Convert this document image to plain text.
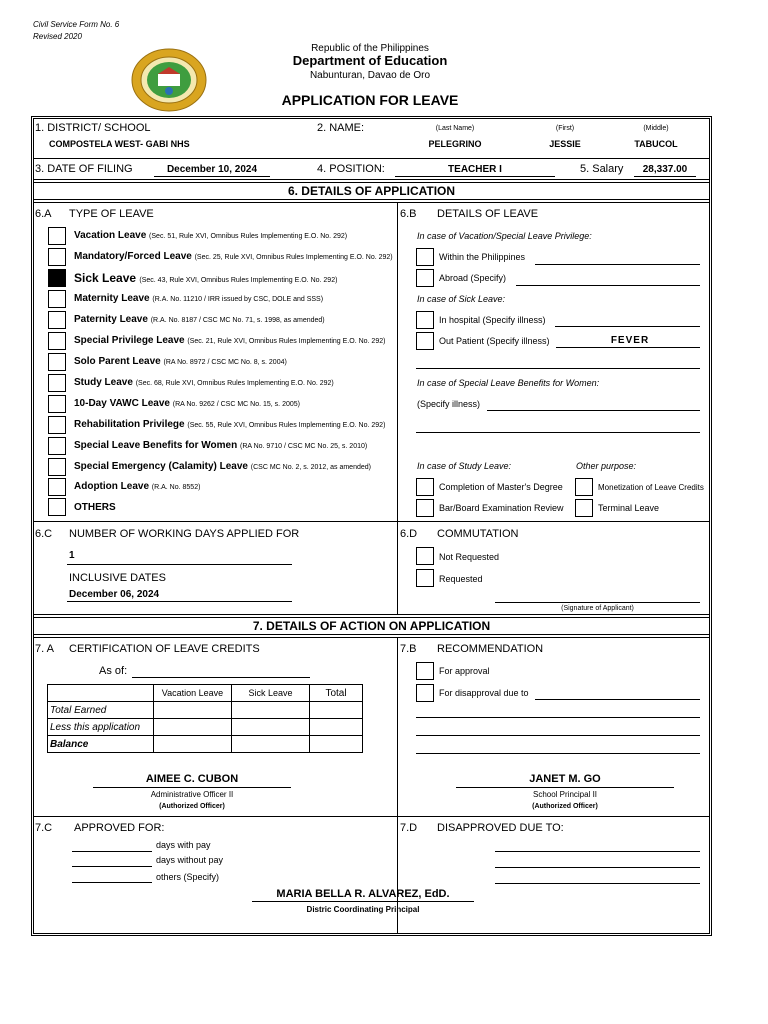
Civil Service Form No. 6
Revised 2020
Republic of the Philippines
Department of Education
Nabunturan, Davao de Oro
APPLICATION FOR LEAVE
1. DISTRICT/ SCHOOL
COMPOSTELA WEST- GABI NHS
2. NAME:	(Last Name)	(First)	(Middle)
PELEGRINO	JESSIE	TABUCOL
3. DATE OF FILING	December 10, 2024	4. POSITION:	TEACHER I	5. Salary	28,337.00
6. DETAILS OF APPLICATION
6.A TYPE OF LEAVE
Vacation Leave (Sec. 51, Rule XVI, Omnibus Rules Implementing E.O. No. 292)
Mandatory/Forced Leave (Sec. 25, Rule XVI, Omnibus Rules Implementing E.O. No. 292)
Sick Leave (Sec. 43, Rule XVI, Omnibus Rules Implementing E.O. No. 292)
Maternity Leave (R.A. No. 11210 / IRR issued by CSC, DOLE and SSS)
Paternity Leave (R.A. No. 8187 / CSC MC No. 71, s. 1998, as amended)
Special Privilege Leave (Sec. 21, Rule XVI, Omnibus Rules Implementing E.O. No. 292)
Solo Parent Leave (RA No. 8972 / CSC MC No. 8, s. 2004)
Study Leave (Sec. 68, Rule XVI, Omnibus Rules Implementing E.O. No. 292)
10-Day VAWC Leave (RA No. 9262 / CSC MC No. 15, s. 2005)
Rehabilitation Privilege (Sec. 55, Rule XVI, Omnibus Rules Implementing E.O. No. 292)
Special Leave Benefits for Women (RA No. 9710 / CSC MC No. 25, s. 2010)
Special Emergency (Calamity) Leave (CSC MC No. 2, s. 2012, as amended)
Adoption Leave (R.A. No. 8552)
OTHERS
6.B DETAILS OF LEAVE
In case of Vacation/Special Leave Privilege:
Within the Philippines
Abroad (Specify)
In case of Sick Leave:
In hospital (Specify illness)
Out Patient (Specify illness)	FEVER
In case of Special Leave Benefits for Women:
(Specify illness)
In case of Study Leave:	Other purpose:
Completion of Master's Degree	Monetization of Leave Credits
Bar/Board Examination Review	Terminal Leave
6.C NUMBER OF WORKING DAYS APPLIED FOR
1
INCLUSIVE DATES
December 06, 2024
6.D COMMUTATION
Not Requested
Requested
(Signature of Applicant)
7. DETAILS OF ACTION ON APPLICATION
7. A CERTIFICATION OF LEAVE CREDITS
As of:
	Vacation Leave	Sick Leave	Total
Total Earned			
Less this application			
Balance			
AIMEE C. CUBON
Administrative Officer II
(Authorized Officer)
7.B RECOMMENDATION
For approval
For disapproval due to
JANET M. GO
School Principal II
(Authorized Officer)
7.C APPROVED FOR:
days with pay
days without pay
others (Specify)
7.D DISAPPROVED DUE TO:
MARIA BELLA R. ALVAREZ, EdD.
Distric Coordinating Principal
